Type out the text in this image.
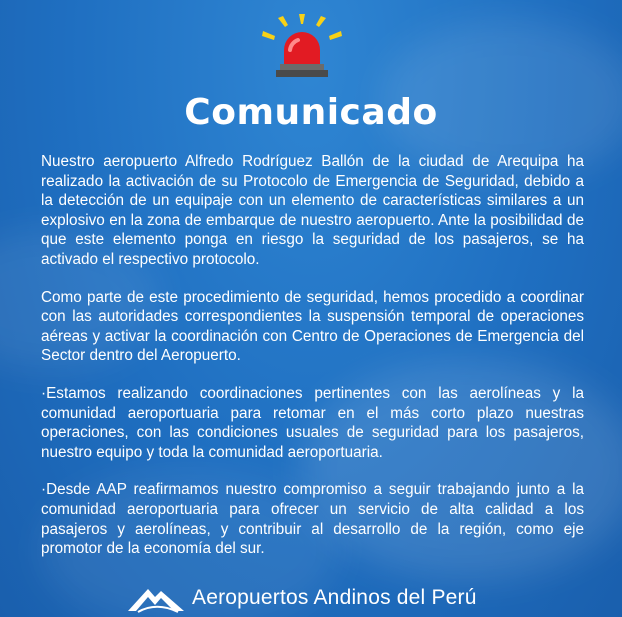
Comunicado

Nuestro aeropuerto Alfredo Rodríguez Ballón de la ciudad de Arequipa ha realizado la activación de su Protocolo de Emergencia de Seguridad, debido a la detección de un equipaje con un elemento de características similares a un explosivo en la zona de embarque de nuestro aeropuerto. Ante la posibilidad de que este elemento ponga en riesgo la seguridad de los pasajeros, se ha activado el respectivo protocolo.

Como parte de este procedimiento de seguridad, hemos procedido a coordinar con las autoridades correspondientes la suspensión temporal de operaciones aéreas y activar la coordinación con Centro de Operaciones de Emergencia del Sector dentro del Aeropuerto.

·Estamos realizando coordinaciones pertinentes con las aerolíneas y la comunidad aeroportuaria para retomar en el más corto plazo nuestras operaciones, con las condiciones usuales de seguridad para los pasajeros, nuestro equipo y toda la comunidad aeroportuaria.

·Desde AAP reafirmamos nuestro compromiso a seguir trabajando junto a la comunidad aeroportuaria para ofrecer un servicio de alta calidad a los pasajeros y aerolíneas, y contribuir al desarrollo de la región, como eje promotor de la economía del sur.

Aeropuertos Andinos del Perú
